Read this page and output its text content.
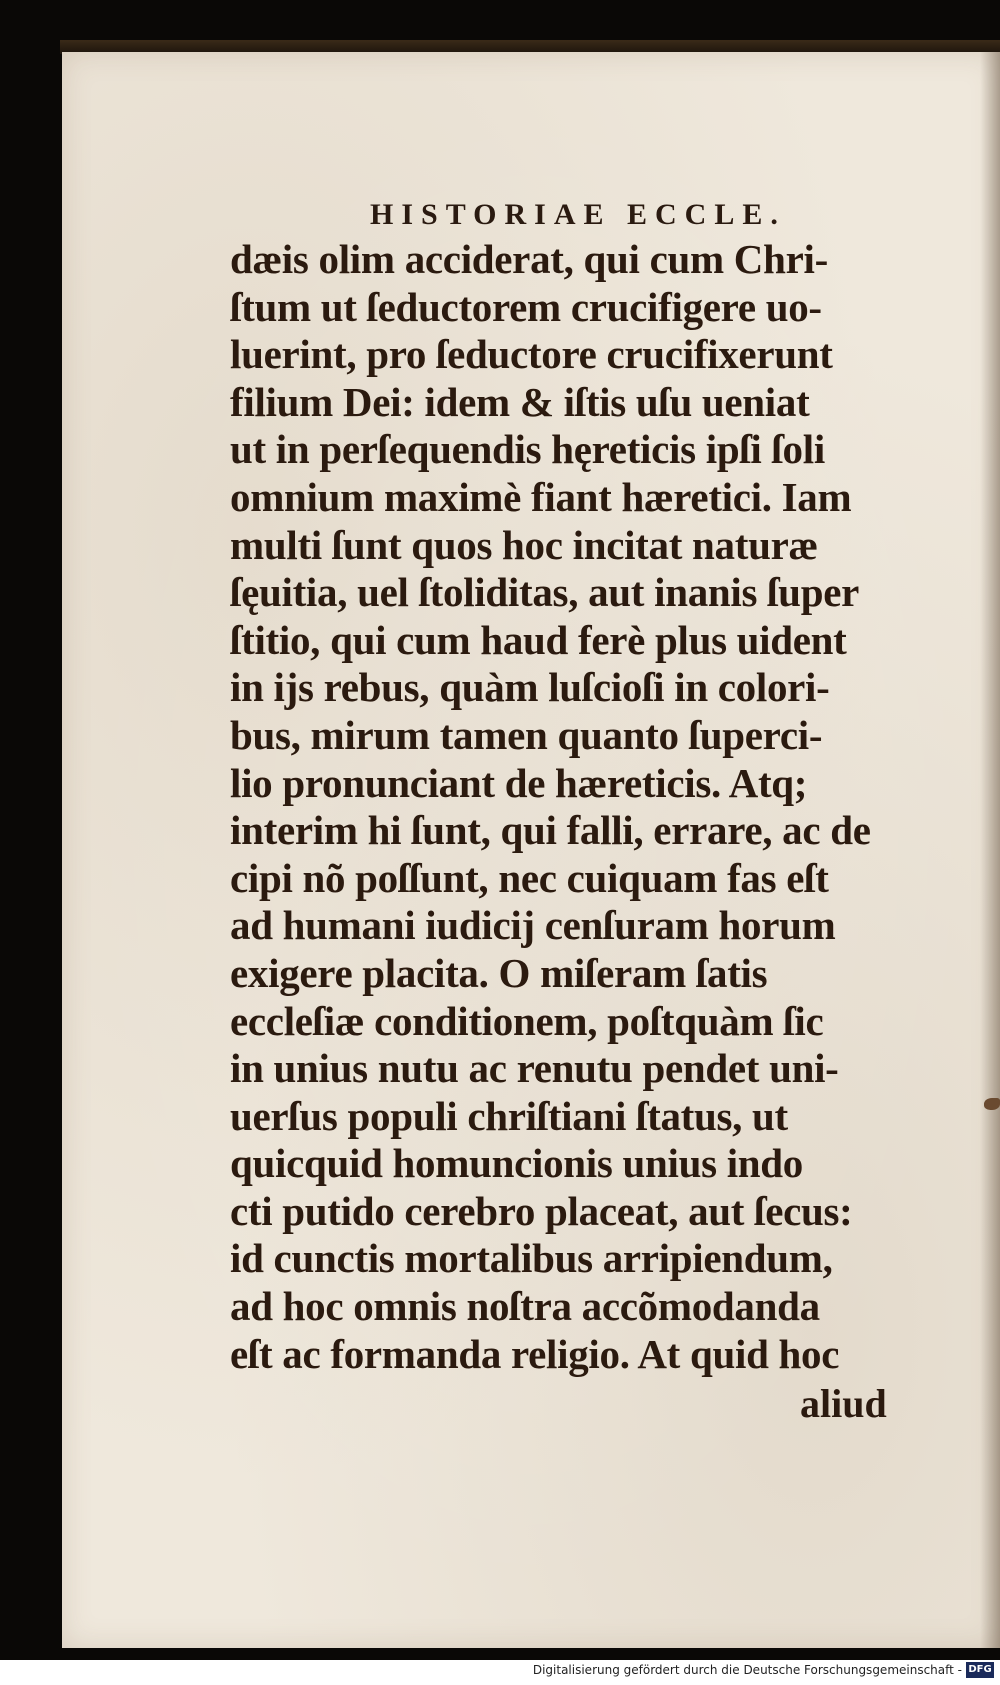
HISTORIAE ECCLE.
dæis olim acciderat, qui cum Chri-
ſtum ut ſeductorem crucifigere uo-
luerint, pro ſeductore crucifixerunt
filium Dei: idem & iſtis uſu ueniat
ut in perſequendis hęreticis ipſi ſoli
omnium maximè fiant hæretici. Iam
multi ſunt quos hoc incitat naturæ
ſęuitia, uel ſtoliditas, aut inanis ſuper
ſtitio, qui cum haud ferè plus uident
in ijs rebus, quàm luſcioſi in colori-
bus, mirum tamen quanto ſuperci-
lio pronunciant de hæreticis. Atq;
interim hi ſunt, qui falli, errare, ac de
cipi nõ poſſunt, nec cuiquam fas eſt
ad humani iudicij cenſuram horum
exigere placita. O miſeram ſatis
eccleſiæ conditionem, poſtquàm ſic
in unius nutu ac renutu pendet uni-
uerſus populi chriſtiani ſtatus, ut
quicquid homuncionis unius indo
cti putido cerebro placeat, aut ſecus:
id cunctis mortalibus arripiendum,
ad hoc omnis noſtra accõmodanda
eſt ac formanda religio. At quid hoc
aliud
Digitalisierung gefördert durch die Deutsche Forschungsgemeinschaft - DFG
